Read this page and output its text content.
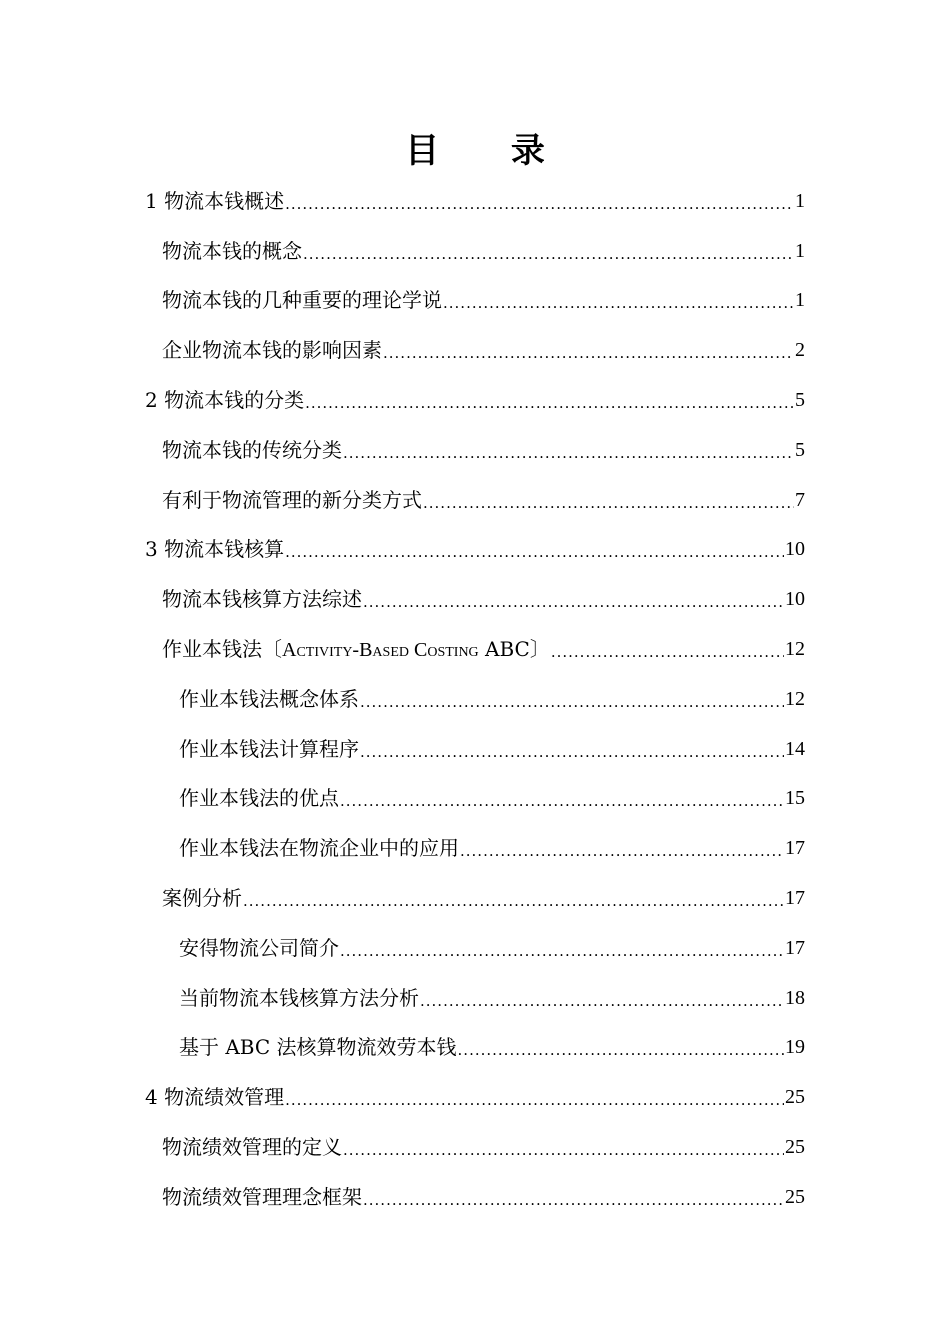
目 录
1 物流本钱概述 .....	1
物流本钱的概念 .....	1
物流本钱的几种重要的理论学说 .....	1
企业物流本钱的影响因素 .....	2
2 物流本钱的分类 .....	5
物流本钱的传统分类 .....	5
有利于物流管理的新分类方式 .....	7
3 物流本钱核算 .....	10
物流本钱核算方法综述 .....	10
作业本钱法〔Activity-Based Costing ABC〕 .....	12
作业本钱法概念体系 .....	12
作业本钱法计算程序 .....	14
作业本钱法的优点 .....	15
作业本钱法在物流企业中的应用 .....	17
案例分析 .....	17
安得物流公司简介 .....	17
当前物流本钱核算方法分析 .....	18
基于 ABC 法核算物流效劳本钱 .....	19
4 物流绩效管理 .....	25
物流绩效管理的定义 .....	25
物流绩效管理理念框架 .....	25
